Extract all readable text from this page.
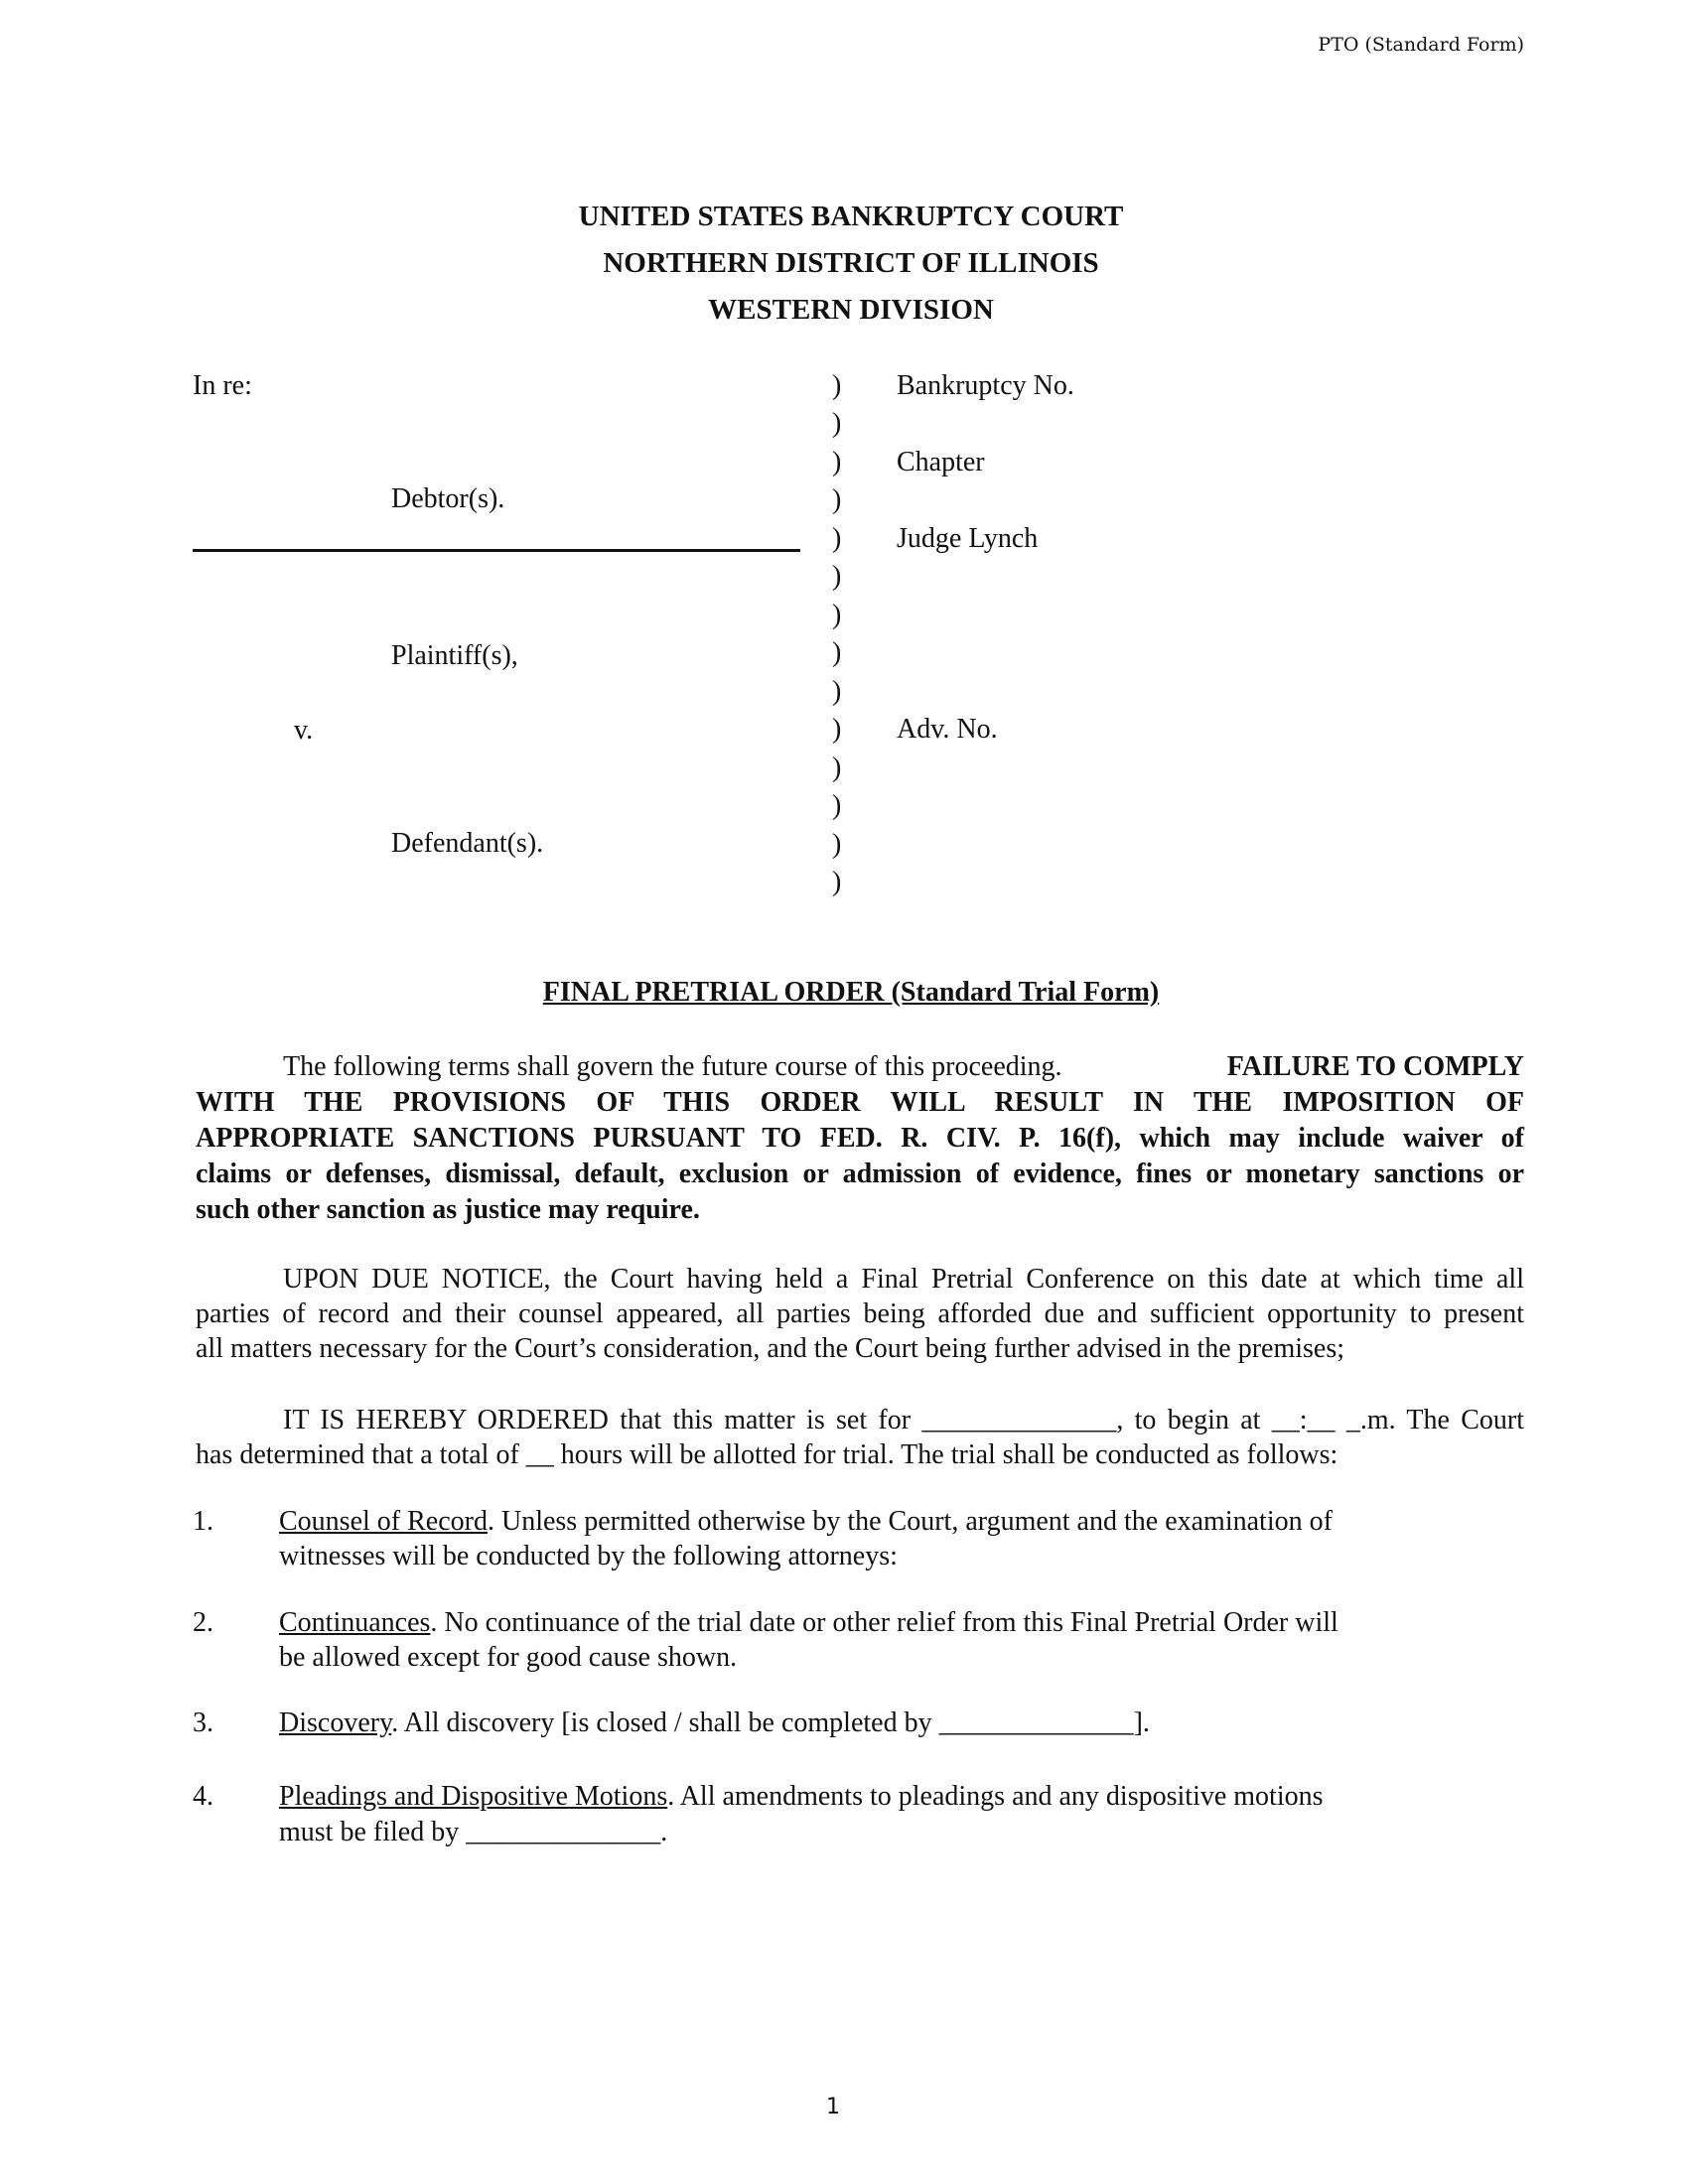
PTO (Standard Form)
UNITED STATES BANKRUPTCY COURT
NORTHERN DISTRICT OF ILLINOIS
WESTERN DIVISION
In re:
Debtor(s).
Plaintiff(s),
v.
Defendant(s).
)
)
)
)
)
)
)
)
)
)
)
)
)
)
Bankruptcy No.
Chapter
Judge Lynch
Adv. No.
FINAL PRETRIAL ORDER (Standard Trial Form)
The following terms shall govern the future course of this proceeding.	FAILURE TO COMPLY
WITH THE PROVISIONS OF THIS ORDER WILL RESULT IN THE IMPOSITION OF
APPROPRIATE SANCTIONS PURSUANT TO FED. R. CIV. P. 16(f), which may include waiver of
claims or defenses, dismissal, default, exclusion or admission of evidence, fines or monetary sanctions or
such other sanction as justice may require.
UPON DUE NOTICE, the Court having held a Final Pretrial Conference on this date at which time all
parties of record and their counsel appeared, all parties being afforded due and sufficient opportunity to present
all matters necessary for the Court’s consideration, and the Court being further advised in the premises;
IT IS HEREBY ORDERED that this matter is set for ______________, to begin at __:__ _.m. The Court
has determined that a total of __ hours will be allotted for trial. The trial shall be conducted as follows:
1. Counsel of Record. Unless permitted otherwise by the Court, argument and the examination of
witnesses will be conducted by the following attorneys:
2. Continuances. No continuance of the trial date or other relief from this Final Pretrial Order will
be allowed except for good cause shown.
3. Discovery. All discovery [is closed / shall be completed by ______________].
4. Pleadings and Dispositive Motions. All amendments to pleadings and any dispositive motions
must be filed by ______________.
1
